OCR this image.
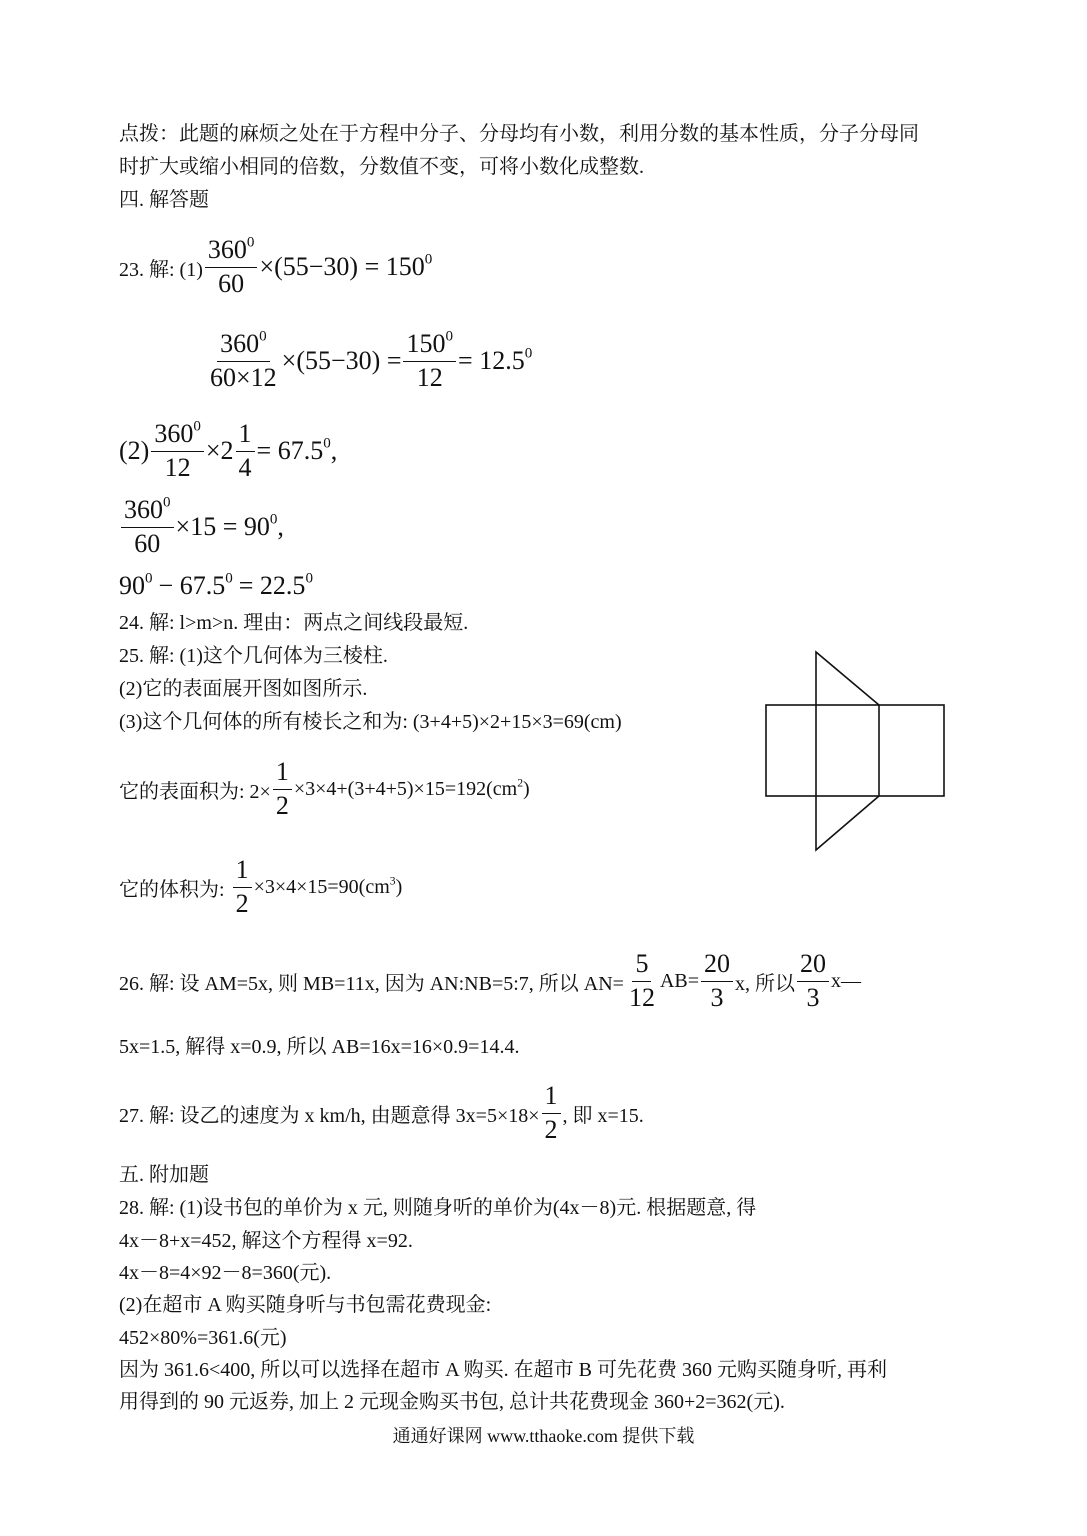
点拨：此题的麻烦之处在于方程中分子、分母均有小数，利用分数的基本性质，分子分母同
时扩大或缩小相同的倍数，分数值不变，可将小数化成整数.
四. 解答题
23. 解: $(1) \frac{360^0}{60} \times(55-30) = 150^0$
$\frac{360^0}{60\times 12} \times(55-30) = \frac{150^0}{12} = 12.5^0$
$(2) \frac{360^0}{12} \times 2 \frac{1}{4} = 67.5^0$,
$\frac{360^0}{60} \times 15 = 90^0$,
$90^0 - 67.5^0 = 22.5^0$
24. 解: l>m>n. 理由：两点之间线段最短.
25. 解: (1)这个几何体为三棱柱.
(2)它的表面展开图如图所示.
(3)这个几何体的所有棱长之和为: (3+4+5)×2+15×3=69(cm)
它的表面积为: $2\times \frac{1}{2} \times 3\times 4+(3+4+5)\times 15=192(cm^2)$
它的体积为: $\frac{1}{2} \times 3\times 4\times 15=90(cm^3)$
26. 解: 设 AM=5x, 则 MB=11x, 因为 AN:NB=5:7, 所以 $AN= \frac{5}{12} AB= \frac{20}{3} x$, 所以 $\frac{20}{3}$ x—
5x=1.5, 解得 x=0.9, 所以 AB=16x=16×0.9=14.4.
27. 解: 设乙的速度为 x km/h, 由题意得 $3x=5\times 18\times \frac{1}{2}$ , 即 x=15.
五. 附加题
28. 解: (1)设书包的单价为 x 元, 则随身听的单价为(4x－8)元. 根据题意, 得
4x－8+x=452, 解这个方程得 x=92.
4x－8=4×92－8=360(元).
(2)在超市 A 购买随身听与书包需花费现金:
452×80%=361.6(元)
因为 361.6<400, 所以可以选择在超市 A 购买. 在超市 B 可先花费 360 元购买随身听, 再利
用得到的 90 元返券, 加上 2 元现金购买书包, 总计共花费现金 360+2=362(元).
通通好课网 www.tthaoke.com 提供下载
